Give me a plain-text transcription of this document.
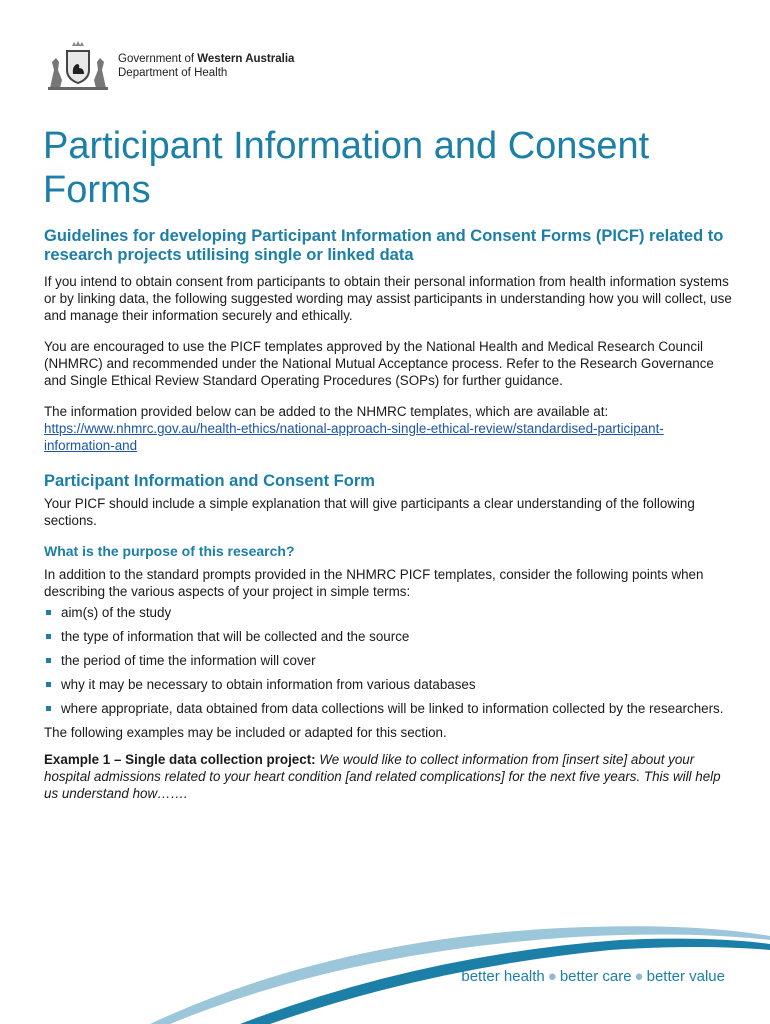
Government of Western Australia
Department of Health
Participant Information and Consent Forms
Guidelines for developing Participant Information and Consent Forms (PICF) related to research projects utilising single or linked data

If you intend to obtain consent from participants to obtain their personal information from health information systems or by linking data, the following suggested wording may assist participants in understanding how you will collect, use and manage their information securely and ethically.

You are encouraged to use the PICF templates approved by the National Health and Medical Research Council (NHMRC) and recommended under the National Mutual Acceptance process. Refer to the Research Governance and Single Ethical Review Standard Operating Procedures (SOPs) for further guidance.

The information provided below can be added to the NHMRC templates, which are available at:

https://www.nhmrc.gov.au/health-ethics/national-approach-single-ethical-review/standardised-participant-information-and
Participant Information and Consent Form

Your PICF should include a simple explanation that will give participants a clear understanding of the following sections.

What is the purpose of this research?

In addition to the standard prompts provided in the NHMRC PICF templates, consider the following points when describing the various aspects of your project in simple terms:

aim(s) of the study
the type of information that will be collected and the source
the period of time the information will cover
why it may be necessary to obtain information from various databases
where appropriate, data obtained from data collections will be linked to information collected by the researchers.

The following examples may be included or adapted for this section.

Example 1 – Single data collection project: We would like to collect information from [insert site] about your hospital admissions related to your heart condition [and related complications] for the next five years. This will help us understand how…….

better health ● better care ● better value
